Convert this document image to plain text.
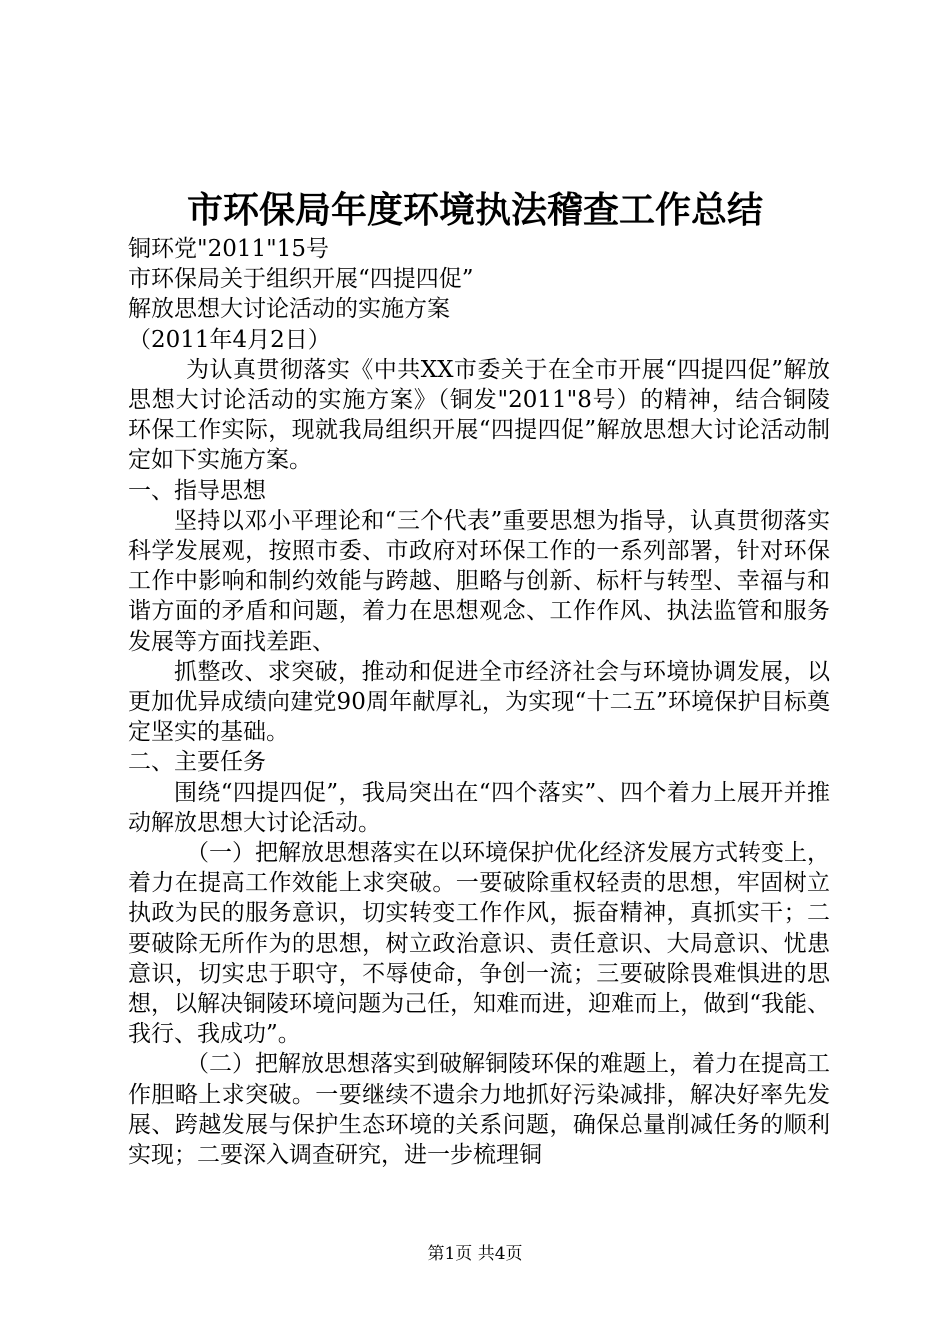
市环保局年度环境执法稽查工作总结

铜环党"2011"15号

市环保局关于组织开展“四提四促”

解放思想大讨论活动的实施方案

（2011年4月2日）

为认真贯彻落实《中共XX市委关于在全市开展“四提四促”解放思想大讨论活动的实施方案》（铜发"2011"8号）的精神，结合铜陵环保工作实际，现就我局组织开展“四提四促”解放思想大讨论活动制定如下实施方案。

一、指导思想

坚持以邓小平理论和“三个代表”重要思想为指导，认真贯彻落实科学发展观，按照市委、市政府对环保工作的一系列部署，针对环保工作中影响和制约效能与跨越、胆略与创新、标杆与转型、幸福与和谐方面的矛盾和问题，着力在思想观念、工作作风、执法监管和服务发展等方面找差距、

抓整改、求突破，推动和促进全市经济社会与环境协调发展，以更加优异成绩向建党90周年献厚礼，为实现“十二五”环境保护目标奠定坚实的基础。

二、主要任务

围绕“四提四促”，我局突出在“四个落实”、四个着力上展开并推动解放思想大讨论活动。

（一）把解放思想落实在以环境保护优化经济发展方式转变上，着力在提高工作效能上求突破。一要破除重权轻责的思想，牢固树立执政为民的服务意识，切实转变工作作风，振奋精神，真抓实干；二要破除无所作为的思想，树立政治意识、责任意识、大局意识、忧患意识，切实忠于职守，不辱使命，争创一流；三要破除畏难惧进的思想，以解决铜陵环境问题为己任，知难而进，迎难而上，做到“我能、我行、我成功”。

（二）把解放思想落实到破解铜陵环保的难题上，着力在提高工作胆略上求突破。一要继续不遗余力地抓好污染减排，解决好率先发展、跨越发展与保护生态环境的关系问题，确保总量削减任务的顺利实现；二要深入调查研究，进一步梳理铜

第1页 共4页
